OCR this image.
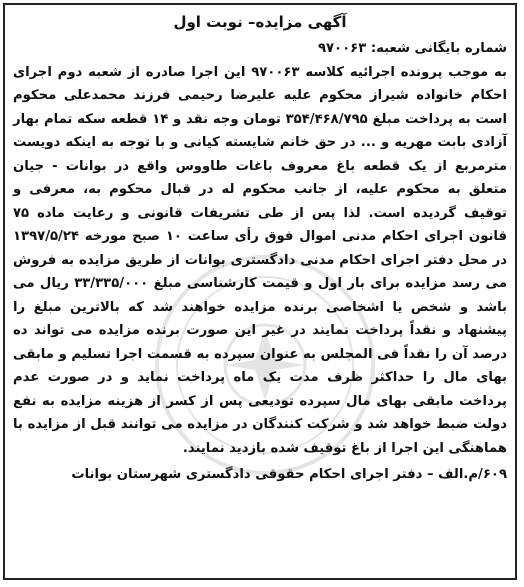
آگهی مزایده– نوبت اول
شماره بایگانی شعبه: ۹۷۰۰۶۳

به موجب پرونده اجرائیه کلاسه ۹۷۰۰۶۳ این اجرا صادره از شعبه دوم اجرای احکام خانواده شیراز محکوم علیه علیرضا رحیمی فرزند محمدعلی محکوم است به پرداخت مبلغ ۳۵۴/۴۶۸/۷۹۵ تومان وجه نقد و ۱۴ قطعه سکه تمام بهار آزادی بابت مهریه و ... در حق خانم شایسته کیانی و با توجه به اینکه دویست مترمربع از یک قطعه باغ معروف باغات طاووس واقع در بوانات - جیان متعلق به محکوم علیه، از جانب محکوم له در قبال محکوم به، معرفی و توقیف گردیده است. لذا پس از طی تشریفات قانونی و رعایت ماده ۷۵ قانون اجرای احکام مدنی اموال فوق رأی ساعت ۱۰ صبح مورخه ۱۳۹۷/۵/۲۴ در محل دفتر اجرای احکام مدنی دادگستری بوانات از طریق مزایده به فروش می رسد مزایده برای بار اول و قیمت کارشناسی مبلغ ۳۳/۳۳۵/۰۰۰ ریال می باشد و شخص یا اشخاصی برنده مزایده خواهند شد که بالاترین مبلغ را پیشنهاد و نقداً پرداخت نمایند در غیر این صورت برنده مزایده می تواند ده درصد آن را نقداً فی المجلس به عنوان سپرده به قسمت اجرا تسلیم و مابقی بهای مال را حداکثر ظرف مدت یک ماه پرداخت نماید و در صورت عدم پرداخت مابقی بهای مال سپرده تودیعی پس از کسر از هزینه مزایده به نفع دولت ضبط خواهد شد و شرکت کنندگان در مزایده می توانند قبل از مزایده با هماهنگی این اجرا از باغ توقیف شده بازدید نمایند.

۶۰۹/م.الف – دفتر اجرای احکام حقوقی دادگستری شهرستان بوانات
